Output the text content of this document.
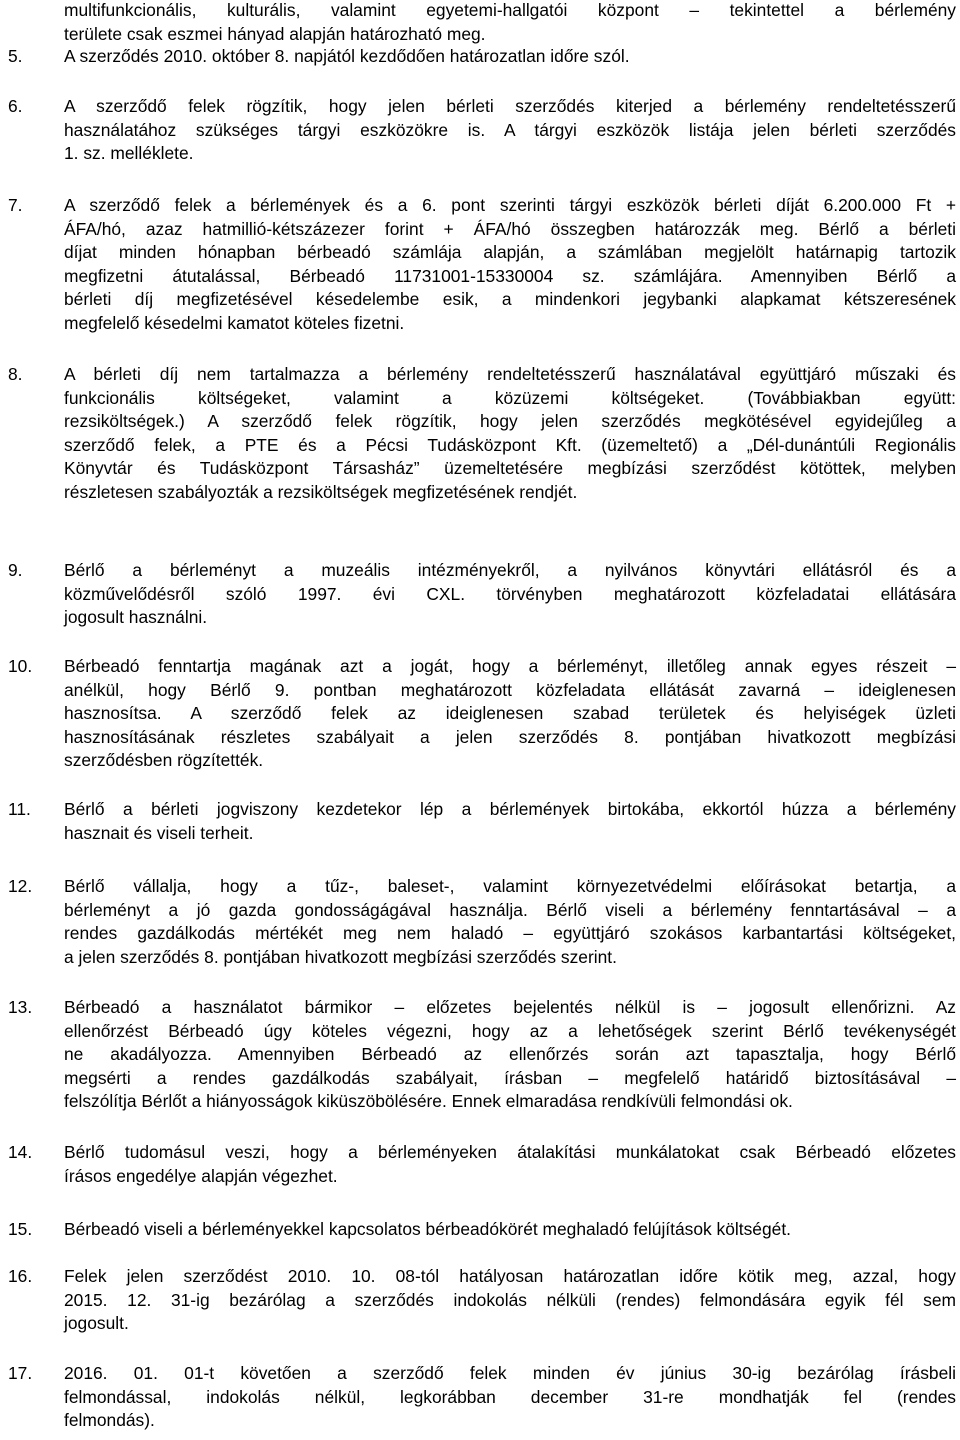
multifunkcionális, kulturális, valamint egyetemi-hallgatói központ – tekintettel a bérlemény
területe csak eszmei hányad alapján határozható meg.
5. A szerződés 2010. október 8. napjától kezdődően határozatlan időre szól.
6. A szerződő felek rögzítik, hogy jelen bérleti szerződés kiterjed a bérlemény rendeltetésszerű
használatához szükséges tárgyi eszközökre is. A tárgyi eszközök listája jelen bérleti szerződés
1. sz. melléklete.
7. A szerződő felek a bérlemények és a 6. pont szerinti tárgyi eszközök bérleti díját 6.200.000 Ft +
ÁFA/hó, azaz hatmillió-kétszázezer forint + ÁFA/hó összegben határozzák meg. Bérlő a bérleti
díjat minden hónapban bérbeadó számlája alapján, a számlában megjelölt határnapig tartozik
megfizetni átutalással, Bérbeadó 11731001-15330004 sz. számlájára. Amennyiben Bérlő a
bérleti díj megfizetésével késedelembe esik, a mindenkori jegybanki alapkamat kétszeresének
megfelelő késedelmi kamatot köteles fizetni.
8. A bérleti díj nem tartalmazza a bérlemény rendeltetésszerű használatával együttjáró műszaki és
funkcionális költségeket, valamint a közüzemi költségeket. (Továbbiakban együtt:
rezsiköltségek.) A szerződő felek rögzítik, hogy jelen szerződés megkötésével egyidejűleg a
szerződő felek, a PTE és a Pécsi Tudásközpont Kft. (üzemeltető) a „Dél-dunántúli Regionális
Könyvtár és Tudásközpont Társasház” üzemeltetésére megbízási szerződést kötöttek, melyben
részletesen szabályozták a rezsiköltségek megfizetésének rendjét.
9. Bérlő a bérleményt a muzeális intézményekről, a nyilvános könyvtári ellátásról és a
közművelődésről szóló 1997. évi CXL. törvényben meghatározott közfeladatai ellátására
jogosult használni.
10. Bérbeadó fenntartja magának azt a jogát, hogy a bérleményt, illetőleg annak egyes részeit –
anélkül, hogy Bérlő 9. pontban meghatározott közfeladata ellátását zavarná – ideiglenesen
hasznosítsa. A szerződő felek az ideiglenesen szabad területek és helyiségek üzleti
hasznosításának részletes szabályait a jelen szerződés 8. pontjában hivatkozott megbízási
szerződésben rögzítették.
11. Bérlő a bérleti jogviszony kezdetekor lép a bérlemények birtokába, ekkortól húzza a bérlemény
hasznait és viseli terheit.
12. Bérlő vállalja, hogy a tűz-, baleset-, valamint környezetvédelmi előírásokat betartja, a
bérleményt a jó gazda gondosságágával használja. Bérlő viseli a bérlemény fenntartásával – a
rendes gazdálkodás mértékét meg nem haladó – együttjáró szokásos karbantartási költségeket,
a jelen szerződés 8. pontjában hivatkozott megbízási szerződés szerint.
13. Bérbeadó a használatot bármikor – előzetes bejelentés nélkül is – jogosult ellenőrizni. Az
ellenőrzést Bérbeadó úgy köteles végezni, hogy az a lehetőségek szerint Bérlő tevékenységét
ne akadályozza. Amennyiben Bérbeadó az ellenőrzés során azt tapasztalja, hogy Bérlő
megsérti a rendes gazdálkodás szabályait, írásban – megfelelő határidő biztosításával –
felszólítja Bérlőt a hiányosságok kiküszöbölésére. Ennek elmaradása rendkívüli felmondási ok.
14. Bérlő tudomásul veszi, hogy a bérleményeken átalakítási munkálatokat csak Bérbeadó előzetes
írásos engedélye alapján végezhet.
15. Bérbeadó viseli a bérleményekkel kapcsolatos bérbeadókörét meghaladó felújítások költségét.
16. Felek jelen szerződést 2010. 10. 08-tól hatályosan határozatlan időre kötik meg, azzal, hogy
2015. 12. 31-ig bezárólag a szerződés indokolás nélküli (rendes) felmondására egyik fél sem
jogosult.
17. 2016. 01. 01-t követően a szerződő felek minden év június 30-ig bezárólag írásbeli
felmondással, indokolás nélkül, legkorábban december 31-re mondhatják fel (rendes
felmondás).
